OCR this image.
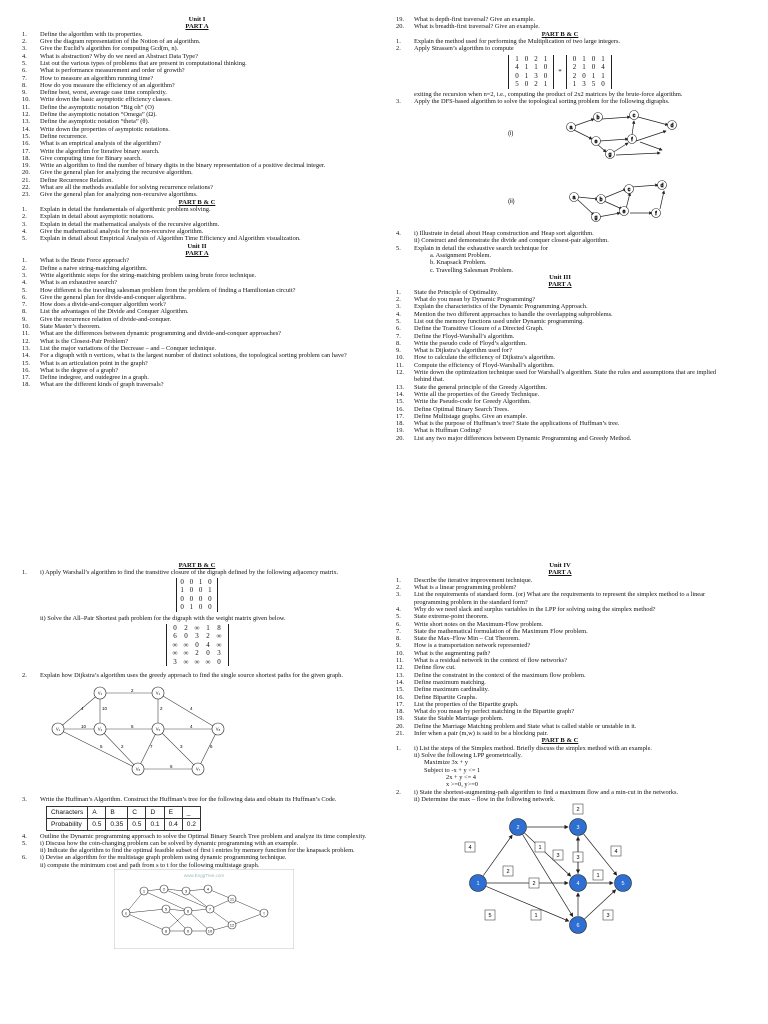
Unit I
PART A
1. Define the algorithm with its properties.
2. Give the diagram representation of the Notion of an algorithm.
3. Give the Euclid’s algorithm for computing Gcd(m, n).
4. What is abstraction? Why do we need an Abstract Data Type?
5. List out the various types of problems that are present in computational thinking.
6. What is performance measurement and order of growth?
7. How to measure an algorithm running time?
8. How do you measure the efficiency of an algorithm?
9. Define best, worst, average case time complexity.
10. Write down the basic asymptotic efficiency classes.
11. Define the asymptotic notation “Big oh” (O)
12. Define the asymptotic notation “Omega” (Ω).
13. Define the asymptotic notation “theta” (θ).
14. Write down the properties of asymptotic notations.
15. Define recurrence.
16. What is an empirical analysis of the algorithm?
17. Write the algorithm for Iterative binary search.
18. Give computing time for Binary search.
19. Write an algorithm to find the number of binary digits in the binary representation of a positive decimal integer.
20. Give the general plan for analyzing the recursive algorithm.
21. Define Recurrence Relation.
22. What are all the methods available for solving recurrence relations?
23. Give the general plan for analyzing non-recursive algorithms.
PART B & C
1. Explain in detail the fundamentals of algorithmic problem solving.
2. Explain in detail about asymptotic notations.
3. Explain in detail the mathematical analysis of the recursive algorithm.
4. Give the mathematical analysis for the non-recursive algorithm.
5. Explain in detail about Empirical Analysis of Algorithm Time Efficiency and Algorithm visualization.
Unit II
PART A
1. What is the Brute Force approach?
2. Define a naive string-matching algorithm.
3. Write algorithmic steps for the string-matching problem using brute force technique.
4. What is an exhaustive search?
5. How different is the traveling salesman problem from the problem of finding a Hamiltonian circuit?
6. Give the general plan for divide-and-conquer algorithms.
7. How does a divide-and-conquer algorithm work?
8. List the advantages of the Divide and Conquer Algorithm.
9. Give the recurrence relation of divide-and-conquer.
10. State Master’s theorem.
11. What are the differences between dynamic programming and divide-and-conquer approaches?
12. What is the Closest-Pair Problem?
13. List the major variations of the Decrease – and – Conquer technique.
14. For a digraph with n vertices, what is the largest number of distinct solutions, the topological sorting problem can have?
15. What is an articulation point in the graph?
16. What is the degree of a graph?
17. Define indegree, and outdegree in a graph.
18. What are the different kinds of graph traversals?
19. What is depth-first traversal? Give an example.
20. What is breadth-first traversal? Give an example.
PART B & C
1. Explain the method used for performing the Multiplication of two large integers.
2. Apply Strassen’s algorithm to compute
1	0	2	1
4	1	1	0
0	1	3	0
5	0	2	1
*
0	1	0	1
2	1	0	4
2	0	1	1
1	3	5	0
exiting the recursion when n=2, i.e., computing the product of 2x2 matrices by the brute-force algorithm.
3. Apply the DFS-based algorithm to solve the topological sorting problem for the following digraphs.
(i)
a
b	c
d
e	f
g
(ii)
a	b
c
d
e	f
g
4. i) Illustrate in detail about Heap construction and Heap sort algorithm.
ii) Construct and demonstrate the divide and conquer closest-pair algorithm.
5. Explain in detail the exhaustive search technique for
a. Assignment Problem.
b. Knapsack Problem.
c. Travelling Salesman Problem.
Unit III
PART A
1. State the Principle of Optimality.
2. What do you mean by Dynamic Programming?
3. Explain the characteristics of the Dynamic Programming Approach.
4. Mention the two different approaches to handle the overlapping subproblems.
5. List out the memory functions used under Dynamic programming.
6. Define the Transitive Closure of a Directed Graph.
7. Define the Floyd-Warshall’s algorithm.
8. Write the pseudo code of Floyd’s algorithm.
9. What is Dijkstra’s algorithm used for?
10. How to calculate the efficiency of Dijkstra’s algorithm.
11. Compute the efficiency of Floyd-Warshall’s algorithm.
12. Write down the optimization technique used for Warshall’s algorithm. State the rules and assumptions that are implied behind that.
13. State the general principle of the Greedy Algorithm.
14. Write all the properties of the Greedy Technique.
15. Write the Pseudo-code for Greedy Algorithm.
16. Define Optimal Binary Search Trees.
17. Define Multistage graphs. Give an example.
18. What is the purpose of Huffman’s tree? State the applications of Huffman’s tree.
19. What is Huffman Coding?
20. List any two major differences between Dynamic Programming and Greedy Method.
PART B & C
1. i) Apply Warshall’s algorithm to find the transitive closure of the digraph defined by the following adjacency matrix.
0 0 1 0
1 0 0 1
0 0 0 0
0 1 0 0
ii) Solve the All–Pair Shortest path problem for the digraph with the weight matrix given below.
0	2	∞	1	8
6	0	3	2	∞
∞	∞	0	4	∞
∞	∞	2	0	3
3	∞	∞	∞	0
2. Explain how Dijkstra’s algorithm uses the greedy approach to find the single source shortest paths for the given graph.
4
10
2
10
6
2	4
4
2	7
6
3	6
5
V₁
V₂
V₃
V₄
V₅
V₆	V₇
V₈
3. Write the Huffman’s Algorithm. Construct the Huffman’s tree for the following data and obtain its Huffman’s Code.
Characters	A	B	C	D	E	_
Probability	0.5	0.35	0.5	0.1	0.4	0.2
4. Outline the Dynamic programming approach to solve the Optimal Binary Search Tree problem and analyze its time complexity.
5. i) Discuss how the coin-changing problem can be solved by dynamic programming with an example.
ii) Indicate the algorithm to find the optimal feasible subset of first i entries by memory function for the knapsack problem.
6. i) Devise an algorithm for the multistage graph problem using dynamic programming technique.
ii) compute the minimum cost and path from s to t for the following multistage graph.
www.EnggTree.com
1	2	3	4
5	6	7
8	9	10
11
12
s	t
Unit IV
PART A
1. Describe the iterative improvement technique.
2. What is a linear programming problem?
3. List the requirements of standard form. (or) What are the requirements to represent the simplex method to a linear programming problem in the standard form?
4. Why do we need slack and surplus variables in the LPP for solving using the simplex method?
5. State extreme-point theorem.
6. Write short notes on the Maximum-Flow problem.
7. State the mathematical formulation of the Maximum Flow problem.
8. State the Max–Flow Min – Cut Theorem.
9. How is a transportation network represented?
10. What is the augmenting path?
11. What is a residual network in the context of flow networks?
12. Define flow cut.
13. Define the constraint in the context of the maximum flow problem.
14. Define maximum matching.
15. Define maximum cardinality.
16. Define Bipartite Graphs.
17. List the properties of the Bipartite graph.
18. What do you mean by perfect matching in the Bipartite graph?
19. State the Stable Marriage problem.
20. Define the Marriage Matching problem and State what is called stable or unstable in it.
21. Infer when a pair (m,w) is said to be a blocking pair.
PART B & C
1. i) List the steps of the Simplex method. Briefly discuss the simplex method with an example.
ii) Solve the following LPP geometrically.
Maximize 3x + y
Subject to -x + y <= 1
2x + y <= 4
x >=0, y>=0
2. i) State the shortest-augmenting-path algorithm to find a maximum flow and a min-cut in the networks.
ii) Determine the max – flow in the following network.
4
2
5
1
3
4
1
2
1	3
2
3
1
2	3
4	5
6
